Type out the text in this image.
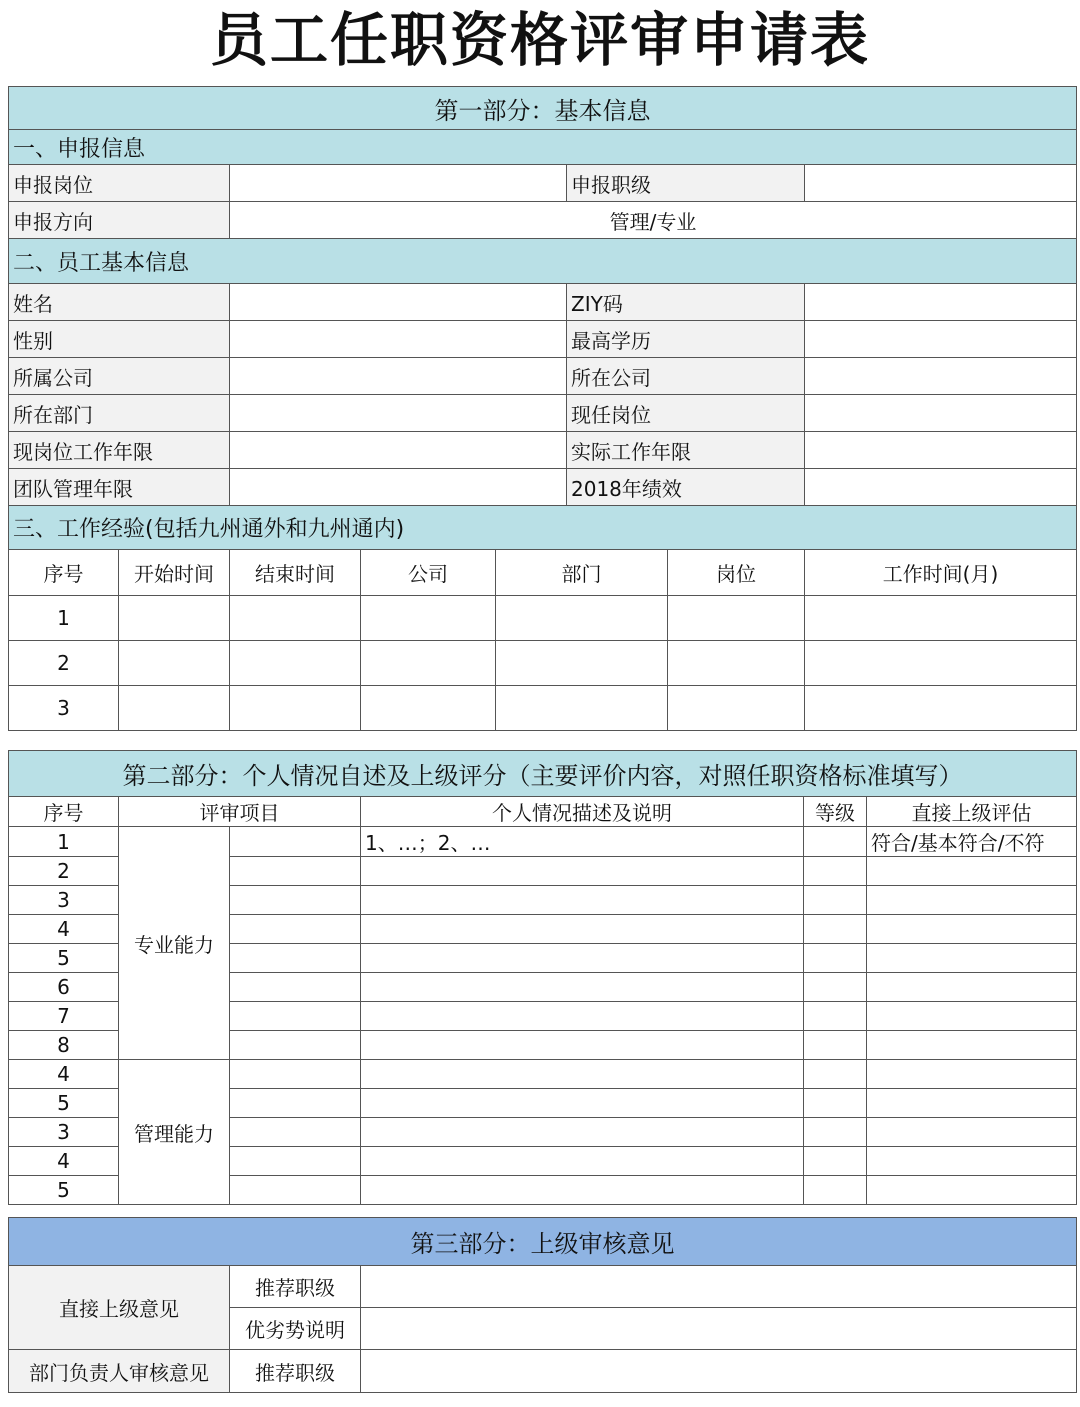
员工任职资格评审申请表
第一部分：基本信息							
一、申报信息							
申报岗位					申报职级		
申报方向		管理/专业					
二、员工基本信息							
姓名					ZIY码		
性别					最高学历		
所属公司					所在公司		
所在部门					现任岗位		
现岗位工作年限					实际工作年限		
团队管理年限					2018年绩效		
三、工作经验(包括九州通外和九州通内)							
序号	开始时间	结束时间	公司	部门		岗位	工作时间(月)
1							
2							
3							
第二部分：个人情况自述及上级评分（主要评价内容，对照任职资格标准填写）					
序号	评审项目		个人情况描述及说明	等级	直接上级评估
1	专业能力		1、…；2、…		符合/基本符合/不符
2					
3					
4					
5					
6					
7					
8					
4	管理能力				
5					
3					
4					
5					
第三部分：上级审核意见		
直接上级意见	推荐职级	
	优劣势说明	
部门负责人审核意见	推荐职级	
